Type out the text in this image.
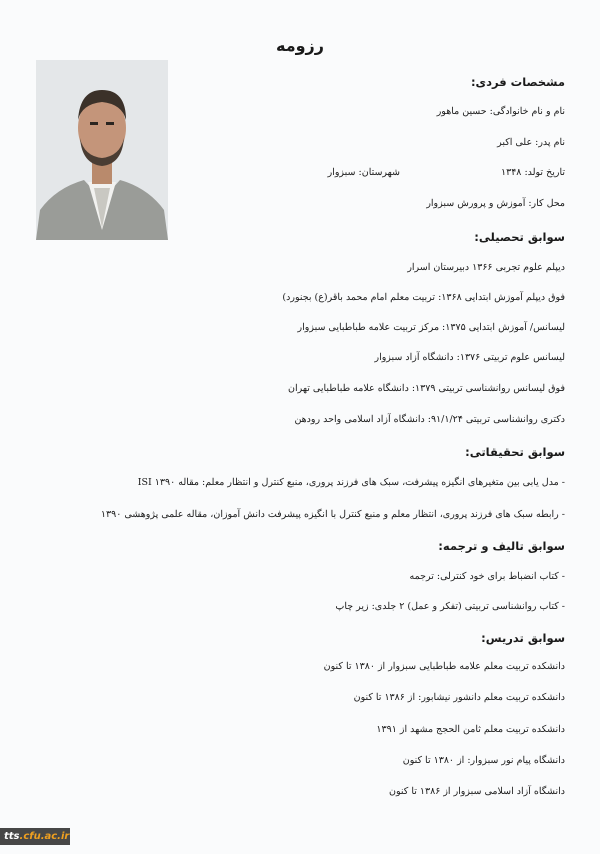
رزومه
مشخصات فردی:
نام و نام خانوادگی: حسین ماهور
نام پدر: علی اکبر
تاریخ تولد: ۱۳۴۸
شهرستان: سبزوار
محل کار: آموزش و پرورش سبزوار
سوابق تحصیلی:
دیپلم علوم تجربی ۱۳۶۶ دبیرستان اسرار
فوق دیپلم آموزش ابتدایی ۱۳۶۸: تربیت معلم امام محمد باقر(ع) بجنورد)
لیسانس/ آموزش ابتدایی ۱۳۷۵: مرکز تربیت علامه طباطبایی سبزوار
لیسانس علوم تربیتی ۱۳۷۶: دانشگاه آزاد سبزوار
فوق لیسانس روانشناسی تربیتی ۱۳۷۹: دانشگاه علامه طباطبایی تهران
دکتری روانشناسی تربیتی ۹۱/۱/۲۴: دانشگاه آزاد اسلامی واحد رودهن
سوابق تحقیقاتی:
- مدل یابی بین متغیرهای انگیزه پیشرفت، سبک های فرزند پروری، منبع کنترل و انتظار معلم: مقاله ISI ۱۳۹۰
- رابطه سبک های فرزند پروری، انتظار معلم و منبع کنترل با انگیزه پیشرفت دانش آموزان، مقاله علمی پژوهشی ۱۳۹۰
سوابق تالیف و ترجمه:
- کتاب انضباط برای خود کنترلی: ترجمه
- کتاب روانشناسی تربیتی (تفکر و عمل) ۲ جلدی: زیر چاپ
سوابق تدریس:
دانشکده تربیت معلم علامه طباطبایی سبزوار از ۱۳۸۰ تا کنون
دانشکده تربیت معلم دانشور نیشابور: از ۱۳۸۶ تا کنون
دانشکده تربیت معلم ثامن الحجج مشهد از ۱۳۹۱
دانشگاه پیام نور سبزوار: از ۱۳۸۰ تا کنون
دانشگاه آزاد اسلامی سبزوار از ۱۳۸۶ تا کنون
tts.cfu.ac.ir
